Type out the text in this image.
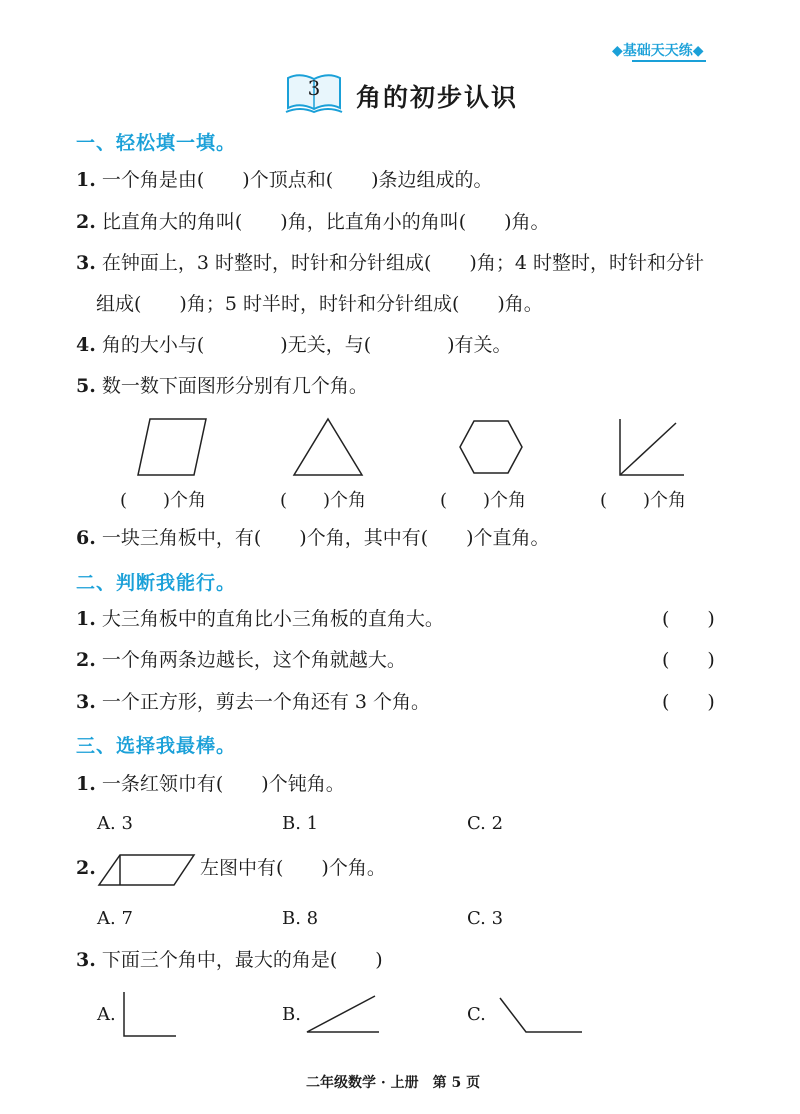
◆基础天天练◆
3 角的初步认识
一、轻松填一填。
1. 一个角是由(　　)个顶点和(　　)条边组成的。
2. 比直角大的角叫(　　)角，比直角小的角叫(　　)角。
3. 在钟面上，3 时整时，时针和分针组成(　　)角；4 时整时，时针和分针
组成(　　)角；5 时半时，时针和分针组成(　　)角。
4. 角的大小与(　　　　)无关，与(　　　　)有关。
5. 数一数下面图形分别有几个角。
(　　)个角	(　　)个角	(　　)个角	(　　)个角
6. 一块三角板中，有(　　)个角，其中有(　　)个直角。
二、判断我能行。
1. 大三角板中的直角比小三角板的直角大。	(　　)
2. 一个角两条边越长，这个角就越大。	(　　)
3. 一个正方形，剪去一个角还有 3 个角。	(　　)
三、选择我最棒。
1. 一条红领巾有(　　)个钝角。
A. 3	B. 1	C. 2
2.	左图中有(　　)个角。
A. 7	B. 8	C. 3
3. 下面三个角中，最大的角是(　　)
A.	B.	C.
二年级数学 · 上册　第 5 页
